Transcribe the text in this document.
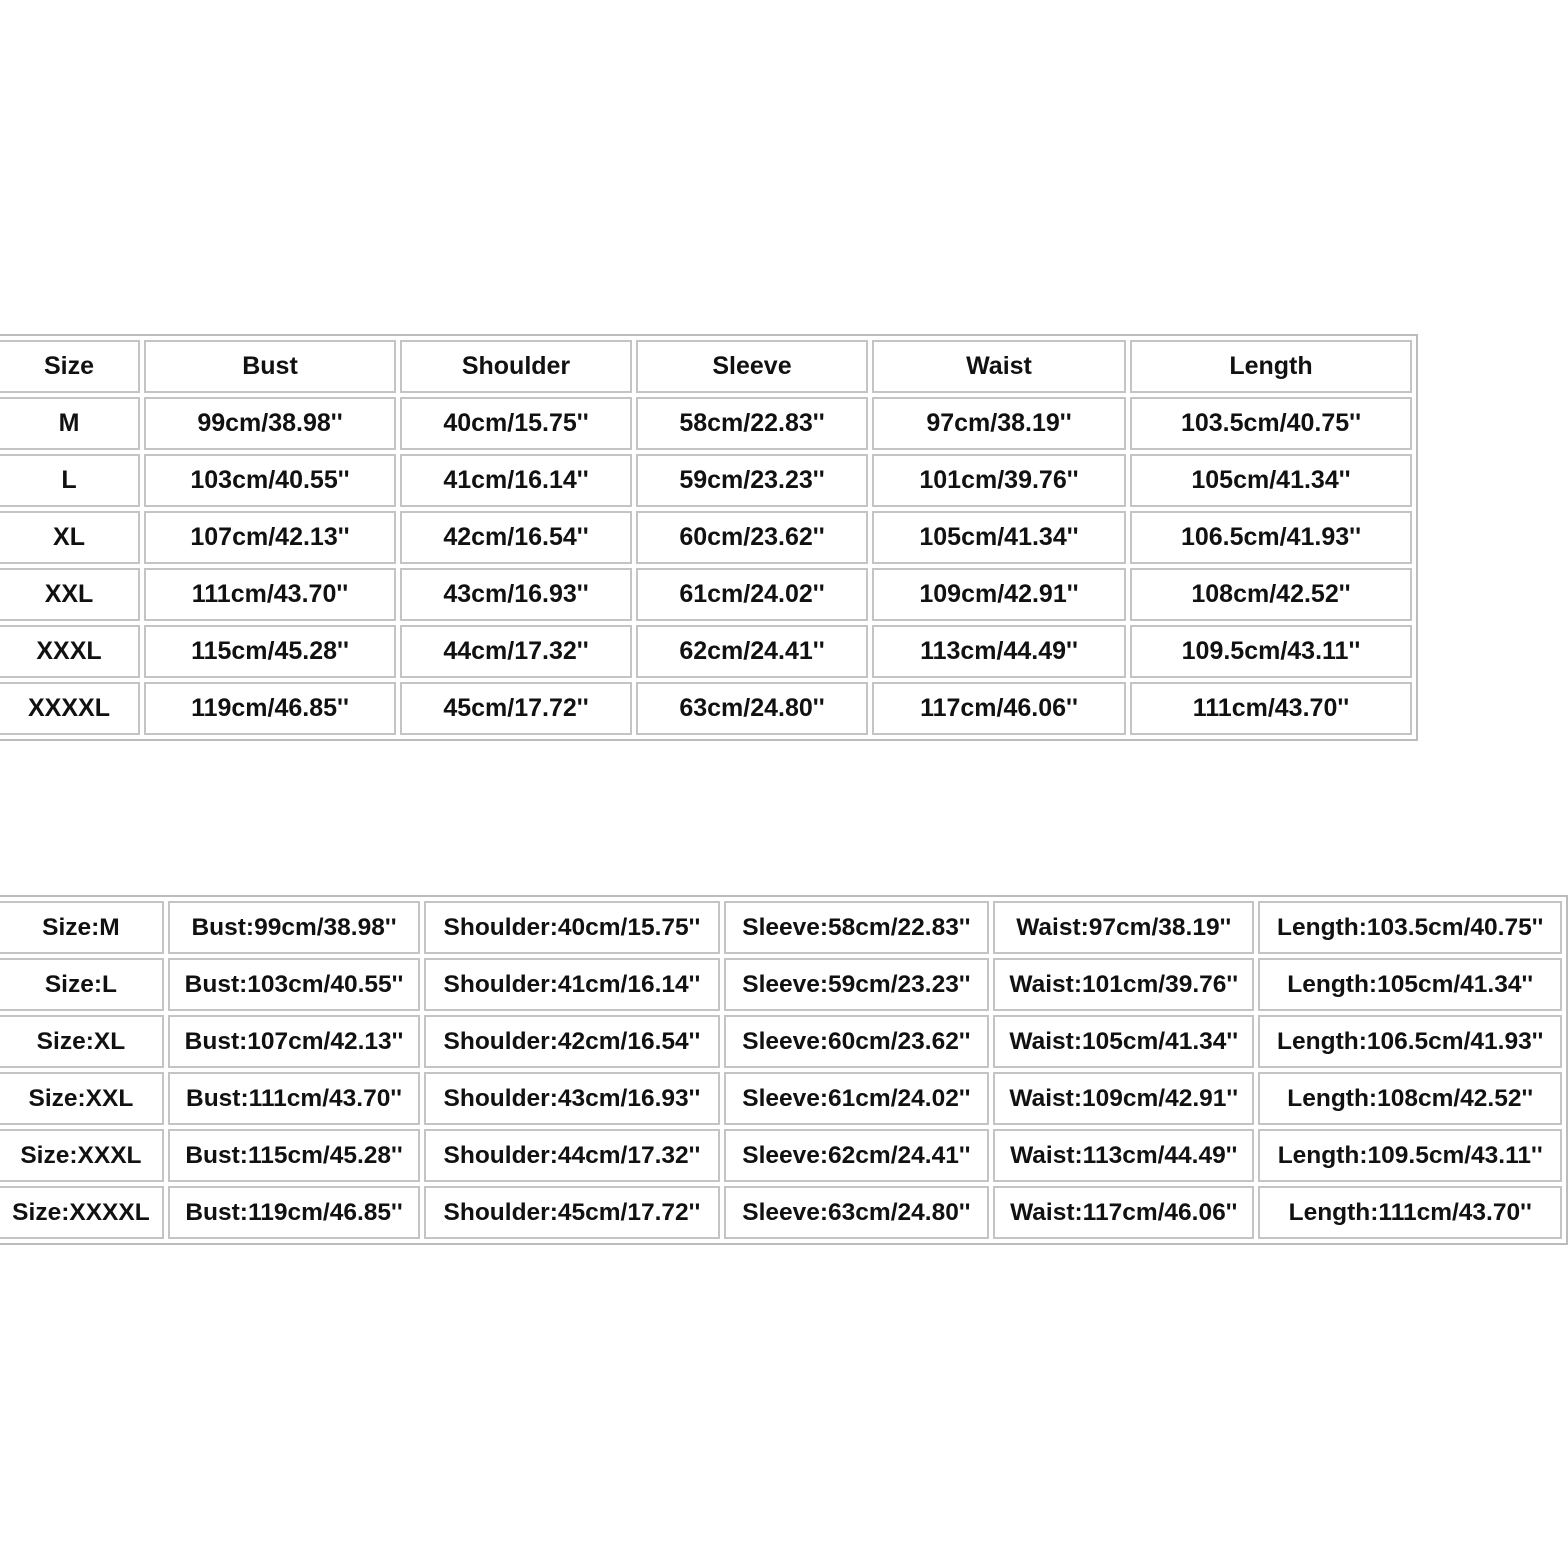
Size	Bust	Shoulder	Sleeve	Waist	Length
M	99cm/38.98''	40cm/15.75''	58cm/22.83''	97cm/38.19''	103.5cm/40.75''
L	103cm/40.55''	41cm/16.14''	59cm/23.23''	101cm/39.76''	105cm/41.34''
XL	107cm/42.13''	42cm/16.54''	60cm/23.62''	105cm/41.34''	106.5cm/41.93''
XXL	111cm/43.70''	43cm/16.93''	61cm/24.02''	109cm/42.91''	108cm/42.52''
XXXL	115cm/45.28''	44cm/17.32''	62cm/24.41''	113cm/44.49''	109.5cm/43.11''
XXXXL	119cm/46.85''	45cm/17.72''	63cm/24.80''	117cm/46.06''	111cm/43.70''
Size:M	Bust:99cm/38.98''	Shoulder:40cm/15.75''	Sleeve:58cm/22.83''	Waist:97cm/38.19''	Length:103.5cm/40.75''
Size:L	Bust:103cm/40.55''	Shoulder:41cm/16.14''	Sleeve:59cm/23.23''	Waist:101cm/39.76''	Length:105cm/41.34''
Size:XL	Bust:107cm/42.13''	Shoulder:42cm/16.54''	Sleeve:60cm/23.62''	Waist:105cm/41.34''	Length:106.5cm/41.93''
Size:XXL	Bust:111cm/43.70''	Shoulder:43cm/16.93''	Sleeve:61cm/24.02''	Waist:109cm/42.91''	Length:108cm/42.52''
Size:XXXL	Bust:115cm/45.28''	Shoulder:44cm/17.32''	Sleeve:62cm/24.41''	Waist:113cm/44.49''	Length:109.5cm/43.11''
Size:XXXXL	Bust:119cm/46.85''	Shoulder:45cm/17.72''	Sleeve:63cm/24.80''	Waist:117cm/46.06''	Length:111cm/43.70''
